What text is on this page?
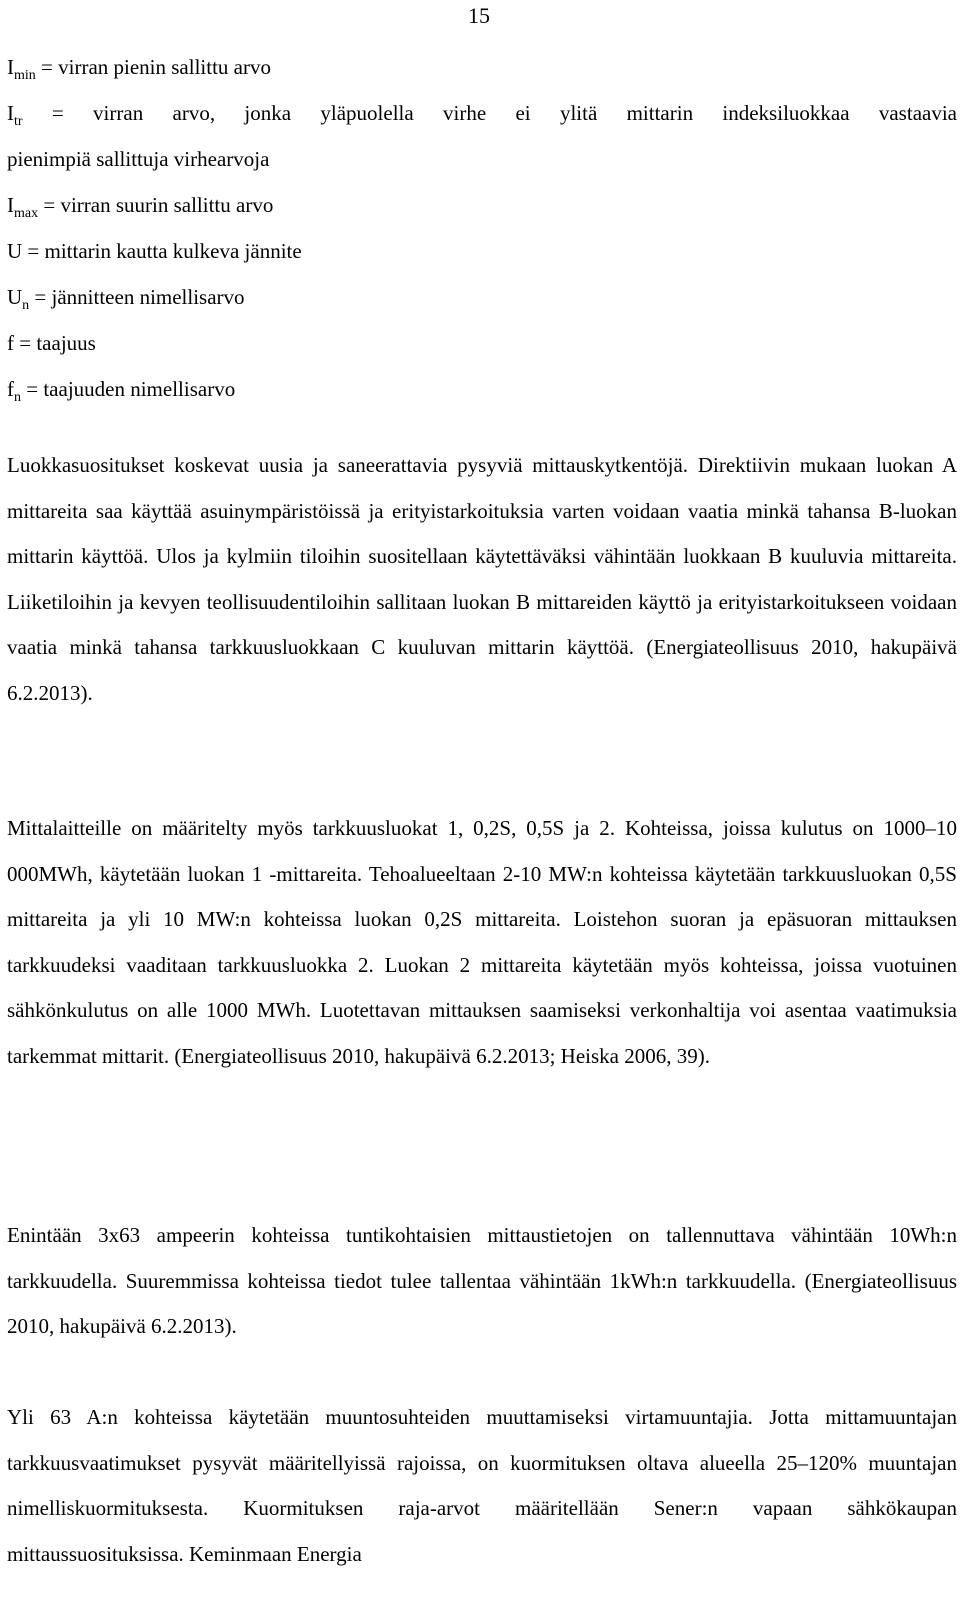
15
$I_{min}$ = virran pienin sallittu arvo
$I_{tr}$ = virran arvo, jonka yläpuolella virhe ei ylitä mittarin indeksiluokkaa vastaavia
pienimpiä sallittuja virhearvoja
$I_{max}$ = virran suurin sallittu arvo
U = mittarin kautta kulkeva jännite
$U_n$ = jännitteen nimellisarvo
f = taajuus
$f_n$ = taajuuden nimellisarvo

Luokkasuositukset koskevat uusia ja saneerattavia pysyviä mittauskytkentöjä. Direktiivin mukaan luokan A mittareita saa käyttää asuinympäristöissä ja erityistarkoituksia varten voidaan vaatia minkä tahansa B-luokan mittarin käyttöä. Ulos ja kylmiin tiloihin suositellaan käytettäväksi vähintään luokkaan B kuuluvia mittareita. Liiketiloihin ja kevyen teollisuudentiloihin sallitaan luokan B mittareiden käyttö ja erityistarkoitukseen voidaan vaatia minkä tahansa tarkkuusluokkaan C kuuluvan mittarin käyttöä. (Energiateollisuus 2010, hakupäivä 6.2.2013).

Mittalaitteille on määritelty myös tarkkuusluokat 1, 0,2S, 0,5S ja 2. Kohteissa, joissa kulutus on 1000–10 000MWh, käytetään luokan 1 -mittareita. Tehoalueeltaan 2-10 MW:n kohteissa käytetään tarkkuusluokan 0,5S mittareita ja yli 10 MW:n kohteissa luokan 0,2S mittareita. Loistehon suoran ja epäsuoran mittauksen tarkkuudeksi vaaditaan tarkkuusluokka 2. Luokan 2 mittareita käytetään myös kohteissa, joissa vuotuinen sähkönkulutus on alle 1000 MWh. Luotettavan mittauksen saamiseksi verkonhaltija voi asentaa vaatimuksia tarkemmat mittarit. (Energiateollisuus 2010, hakupäivä 6.2.2013; Heiska 2006, 39).

Enintään 3x63 ampeerin kohteissa tuntikohtaisien mittaustietojen on tallennuttava vähintään 10Wh:n tarkkuudella. Suuremmissa kohteissa tiedot tulee tallentaa vähintään 1kWh:n tarkkuudella. (Energiateollisuus 2010, hakupäivä 6.2.2013).

Yli 63 A:n kohteissa käytetään muuntosuhteiden muuttamiseksi virtamuuntajia. Jotta mittamuuntajan tarkkuusvaatimukset pysyvät määritellyissä rajoissa, on kuormituksen oltava alueella 25–120% muuntajan nimelliskuormituksesta. Kuormituksen raja-arvot määritellään Sener:n vapaan sähkökaupan mittaussuosituksissa. Keminmaan Energia
